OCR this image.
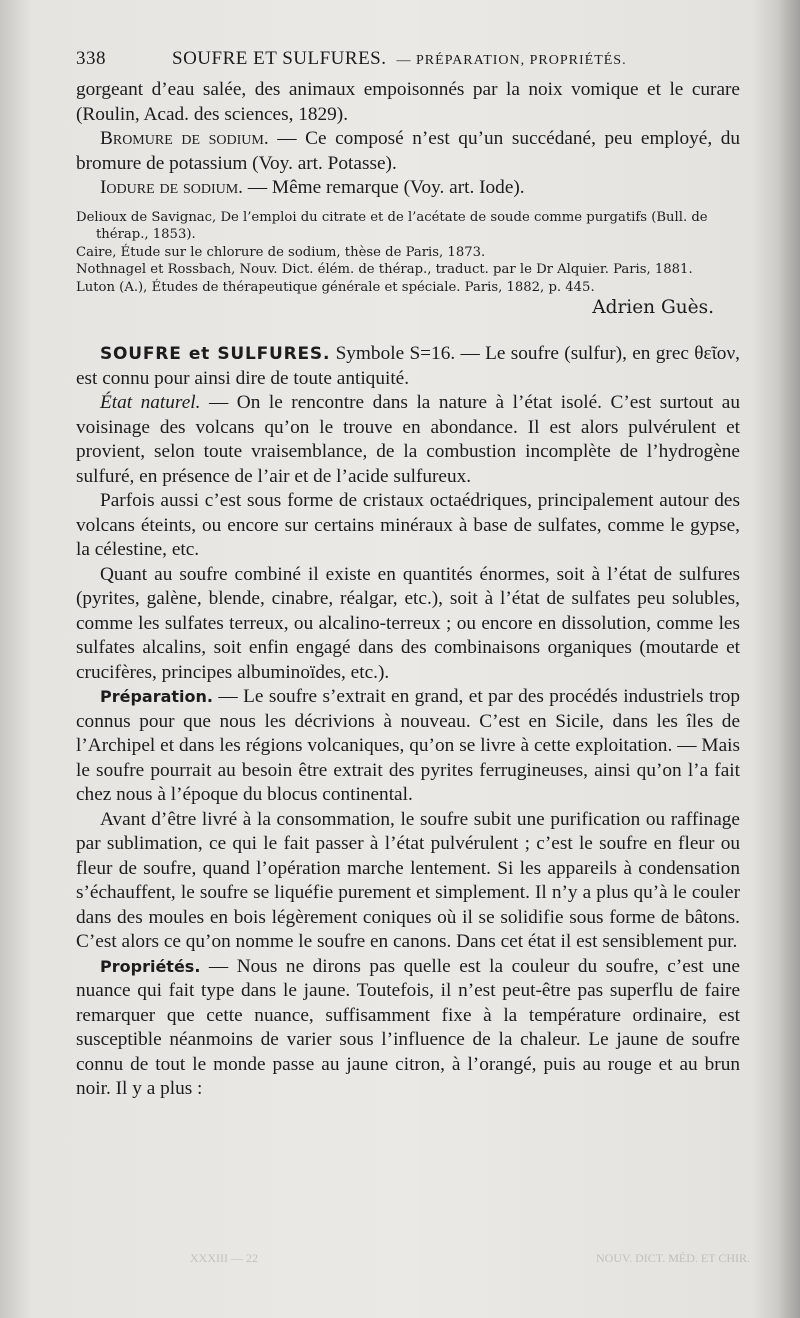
338	SOUFRE ET SULFURES. — PRÉPARATION, PROPRIÉTÉS.

gorgeant d’eau salée, des animaux empoisonnés par la noix vomique et le curare (Roulin, Acad. des sciences, 1829).

Bromure de sodium. — Ce composé n’est qu’un succédané, peu employé, du bromure de potassium (Voy. art. Potasse).

Iodure de sodium. — Même remarque (Voy. art. Iode).

Delioux de Savignac, De l’emploi du citrate et de l’acétate de soude comme purgatifs (Bull. de thérap., 1853).
Caire, Étude sur le chlorure de sodium, thèse de Paris, 1873.
Nothnagel et Rossbach, Nouv. Dict. élém. de thérap., traduct. par le Dr Alquier. Paris, 1881.
Luton (A.), Études de thérapeutique générale et spéciale. Paris, 1882, p. 445.
Adrien Guès.

SOUFRE et SULFURES. Symbole S=16. — Le soufre (sulfur), en grec θεῖον, est connu pour ainsi dire de toute antiquité.

État naturel. — On le rencontre dans la nature à l’état isolé. C’est surtout au voisinage des volcans qu’on le trouve en abondance. Il est alors pulvérulent et provient, selon toute vraisemblance, de la combustion incomplète de l’hydrogène sulfuré, en présence de l’air et de l’acide sulfureux.

Parfois aussi c’est sous forme de cristaux octaédriques, principalement autour des volcans éteints, ou encore sur certains minéraux à base de sulfates, comme le gypse, la célestine, etc.

Quant au soufre combiné il existe en quantités énormes, soit à l’état de sulfures (pyrites, galène, blende, cinabre, réalgar, etc.), soit à l’état de sulfates peu solubles, comme les sulfates terreux, ou alcalino-terreux ; ou encore en dissolution, comme les sulfates alcalins, soit enfin engagé dans des combinaisons organiques (moutarde et crucifères, principes albuminoïdes, etc.).

Préparation. — Le soufre s’extrait en grand, et par des procédés industriels trop connus pour que nous les décrivions à nouveau. C’est en Sicile, dans les îles de l’Archipel et dans les régions volcaniques, qu’on se livre à cette exploitation. — Mais le soufre pourrait au besoin être extrait des pyrites ferrugineuses, ainsi qu’on l’a fait chez nous à l’époque du blocus continental.

Avant d’être livré à la consommation, le soufre subit une purification ou raffinage par sublimation, ce qui le fait passer à l’état pulvérulent ; c’est le soufre en fleur ou fleur de soufre, quand l’opération marche lentement. Si les appareils à condensation s’échauffent, le soufre se liquéfie purement et simplement. Il n’y a plus qu’à le couler dans des moules en bois légèrement coniques où il se solidifie sous forme de bâtons. C’est alors ce qu’on nomme le soufre en canons. Dans cet état il est sensiblement pur.

Propriétés. — Nous ne dirons pas quelle est la couleur du soufre, c’est une nuance qui fait type dans le jaune. Toutefois, il n’est peut-être pas superflu de faire remarquer que cette nuance, suffisamment fixe à la température ordinaire, est susceptible néanmoins de varier sous l’influence de la chaleur. Le jaune de soufre connu de tout le monde passe au jaune citron, à l’orangé, puis au rouge et au brun noir. Il y a plus :

XXXIII — 22	NOUV. DICT. MÉD. ET CHIR.
